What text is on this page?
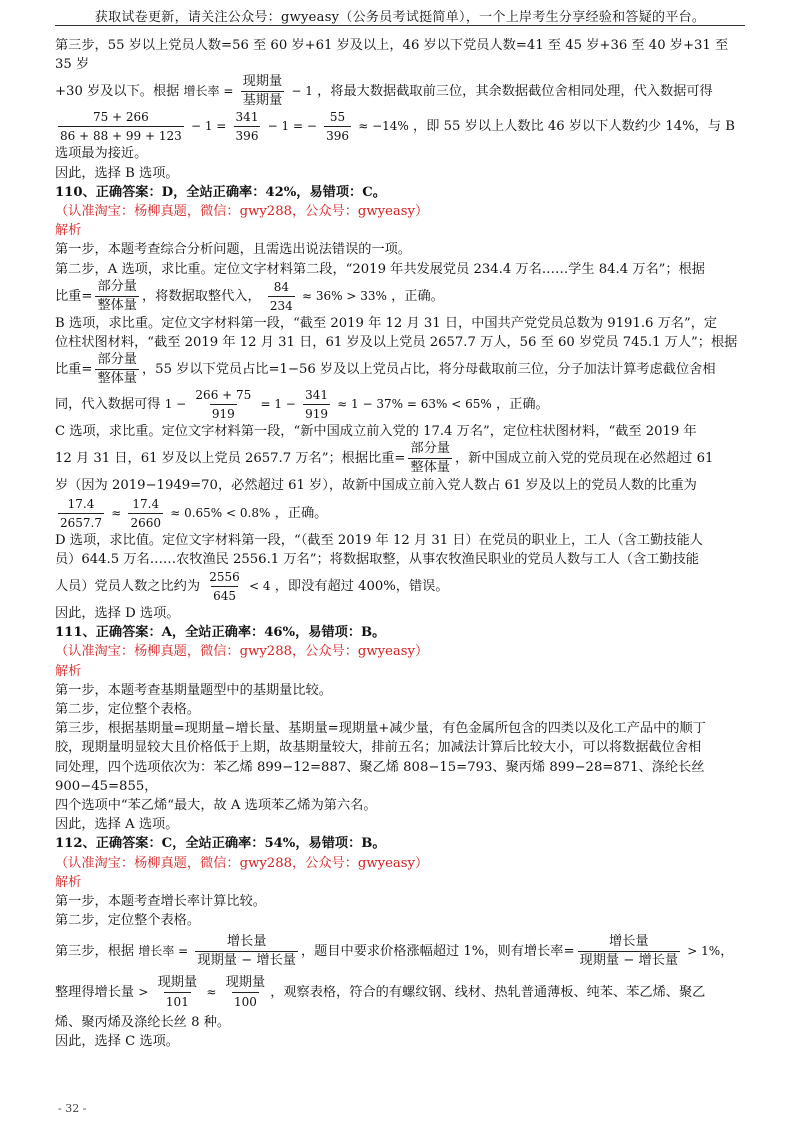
获取试卷更新，请关注公众号：gwyeasy（公务员考试挺简单），一个上岸考生分享经验和答疑的平台。

第三步，55 岁以上党员人数=56 至 60 岁+61 岁及以上，46 岁以下党员人数=41 至 45 岁+36 至 40 岁+31 至 35 岁

+30 岁及以下。根据 增长率 = $\frac{\text{现期量}}{\text{基期量}} - 1$ ，将最大数据截取前三位，其余数据截位舍相同处理，代入数据可得

$\frac{75 + 266}{86 + 88 + 99 + 123} - 1 = \frac{341}{396} - 1$ = − $\frac{55}{396} \approx -14\%$ ，即 55 岁以上人数比 46 岁以下人数约少 14%，与 B

选项最为接近。

因此，选择 B 选项。

110、正确答案：D，全站正确率：42%，易错项：C。（认准淘宝：杨柳真题，微信：gwy288，公众号：gwyeasy）

解析

第一步，本题考查综合分析问题，且需选出说法错误的一项。

第二步，A 选项，求比重。定位文字材料第二段，“2019 年共发展党员 234.4 万名……学生 84.4 万名”；根据

比重= $\frac{\text{部分量}}{\text{整体量}}$ ，将数据取整代入， $\frac{84}{234} \approx 36\% > 33\%$ ，正确。

B 选项，求比重。定位文字材料第一段，“截至 2019 年 12 月 31 日，中国共产党党员总数为 9191.6 万名”，定

位柱状图材料，“截至 2019 年 12 月 31 日，61 岁及以上党员 2657.7 万人，56 至 60 岁党员 745.1 万人”；根据

比重= $\frac{\text{部分量}}{\text{整体量}}$ ，55 岁以下党员占比=1−56 岁及以上党员占比，将分母截取前三位，分子加法计算考虑截位舍相

同，代入数据可得 $1 - \frac{266 + 75}{919} = 1 - \frac{341}{919} \approx 1 - 37\% = 63\% < 65\%$ ，正确。

C 选项，求比重。定位文字材料第一段，“新中国成立前入党的 17.4 万名”，定位柱状图材料，“截至 2019 年

12 月 31 日，61 岁及以上党员 2657.7 万名”；根据比重= $\frac{\text{部分量}}{\text{整体量}}$ ，新中国成立前入党的党员现在必然超过 61

岁（因为 2019−1949=70，必然超过 61 岁），故新中国成立前入党人数占 61 岁及以上的党员人数的比重为

$\frac{17.4}{2657.7} \approx \frac{17.4}{2660} \approx 0.65\% < 0.8\%$ ，正确。

D 选项，求比值。定位文字材料第一段，“（截至 2019 年 12 月 31 日）在党员的职业上，工人（含工勤技能人

员）644.5 万名……农牧渔民 2556.1 万名”；将数据取整，从事农牧渔民职业的党员人数与工人（含工勤技能

人员）党员人数之比约为 $\frac{2556}{645} < 4$ ，即没有超过 400%，错误。

因此，选择 D 选项。

111、正确答案：A，全站正确率：46%，易错项：B。（认准淘宝：杨柳真题，微信：gwy288，公众号：gwyeasy）

解析

第一步，本题考查基期量题型中的基期量比较。

第二步，定位整个表格。

第三步，根据基期量=现期量−增长量、基期量=现期量+减少量，有色金属所包含的四类以及化工产品中的顺丁

胶，现期量明显较大且价格低于上期，故基期量较大，排前五名；加减法计算后比较大小，可以将数据截位舍相

同处理，四个选项依次为：苯乙烯 899−12=887、聚乙烯 808−15=793、聚丙烯 899−28=871、涤纶长丝 900−45=855，

四个选项中“苯乙烯“最大，故 A 选项苯乙烯为第六名。

因此，选择 A 选项。

112、正确答案：C，全站正确率：54%，易错项：B。（认准淘宝：杨柳真题，微信：gwy288，公众号：gwyeasy）

解析

第一步，本题考查增长率计算比较。

第二步，定位整个表格。

第三步，根据 增长率 = $\frac{\text{增长量}}{\text{现期量 − 增长量}}$ ，题目中要求价格涨幅超过 1%，则有增长率= $\frac{\text{增长量}}{\text{现期量 − 增长量}} > 1\%$，

整理得增长量 > $\frac{\text{现期量}}{101} \approx \frac{\text{现期量}}{100}$ ，观察表格，符合的有螺纹钢、线材、热轧普通薄板、纯苯、苯乙烯、聚乙

烯、聚丙烯及涤纶长丝 8 种。

因此，选择 C 选项。

- 32 -
